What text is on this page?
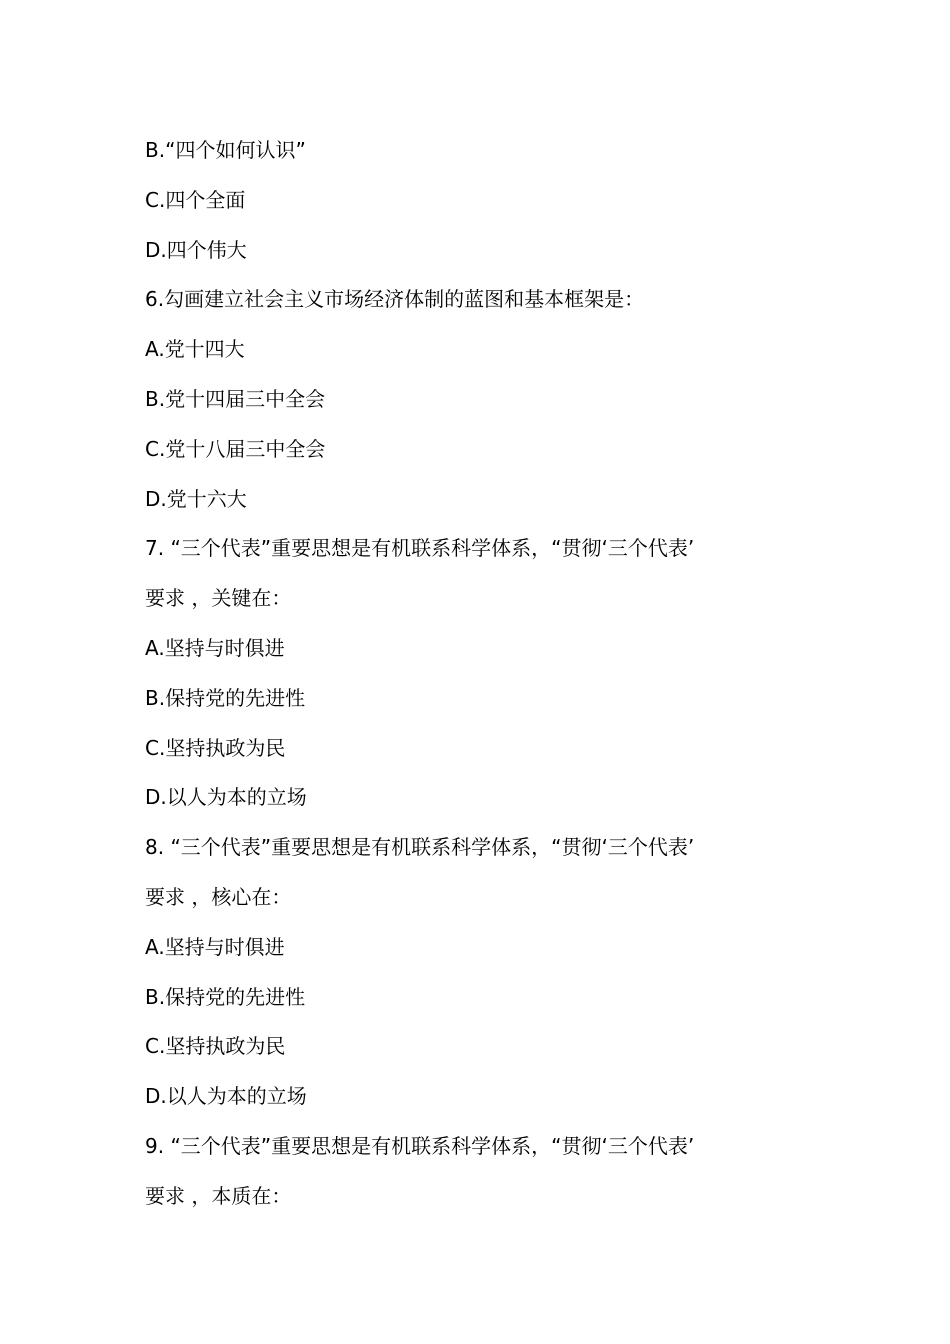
B.“四个如何认识”
C.四个全面
D.四个伟大
6.勾画建立社会主义市场经济体制的蓝图和基本框架是：
A.党十四大
B.党十四届三中全会
C.党十八届三中全会
D.党十六大
7. “三个代表”重要思想是有机联系科学体系，“贯彻‘三个代表’
要求 ，关键在：
A.坚持与时俱进
B.保持党的先进性
C.坚持执政为民
D.以人为本的立场
8. “三个代表”重要思想是有机联系科学体系，“贯彻‘三个代表’
要求 ，核心在：
A.坚持与时俱进
B.保持党的先进性
C.坚持执政为民
D.以人为本的立场
9. “三个代表”重要思想是有机联系科学体系，“贯彻‘三个代表’
要求 ，本质在：
